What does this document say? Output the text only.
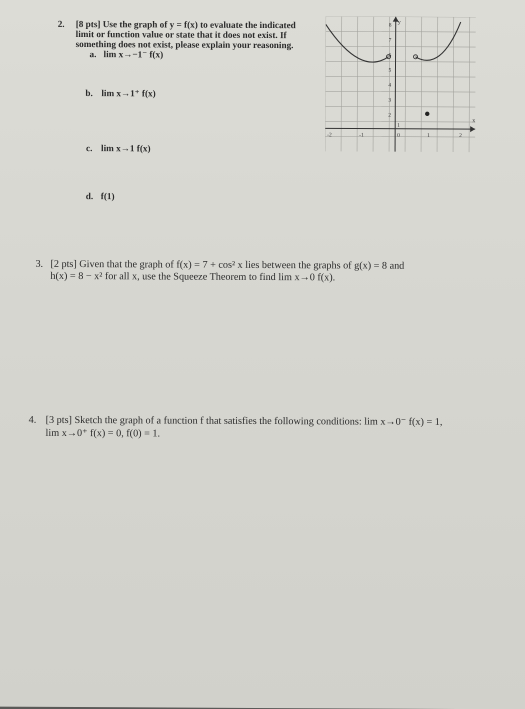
2. [8 pts] Use the graph of y = f(x) to evaluate the indicated
limit or function value or state that it does not exist. If
something does not exist, please explain your reasoning.
a. lim x→−1⁻ f(x)
b. lim x→1⁺ f(x)
c. lim x→1 f(x)
d. f(1)
y
x
8
7
6
5
4
3
2
1
-2	-1	0	1	2
3. [2 pts] Given that the graph of f(x) = 7 + cos² x lies between the graphs of g(x) = 8 and
h(x) = 8 − x² for all x, use the Squeeze Theorem to find lim x→0 f(x).
4. [3 pts] Sketch the graph of a function f that satisfies the following conditions: lim x→0⁻ f(x) = 1,
lim x→0⁺ f(x) = 0, f(0) = 1.
